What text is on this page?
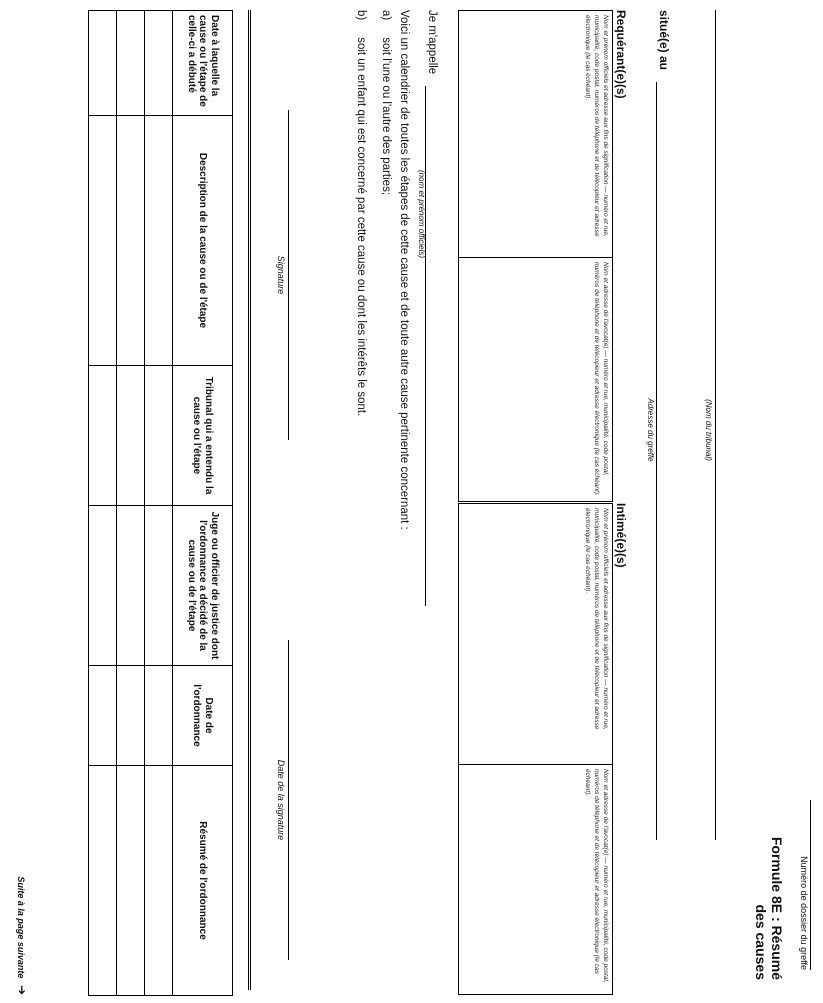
Numéro de dossier du greffe
Formule 8E : Résumé
des causes
(Nom du tribunal)
situé(e) au
Adresse du greffe
Requérant(e)(s)
Intimé(e)(s)
Nom et prénom officiels et adresse aux fins de signification — numéro et rue, municipalité, code postal, numéros de téléphone et de télécopieur et adresse électronique (le cas échéant).
Nom et adresse de l'avocat(e) — numéro et rue, municipalité, code postal, numéros de téléphone et de télécopieur et adresse électronique (le cas échéant).
Nom et prénom officiels et adresse aux fins de signification — numéro et rue, municipalité, code postal, numéros de téléphone et de télécopieur et adresse électronique (le cas échéant).
Nom et adresse de l'avocat(e) — numéro et rue, municipalité, code postal, numéros de téléphone et de télécopieur et adresse électronique (le cas échéant).
Je m'appelle
(nom et prénom officiels)
Voici un calendrier de toutes les étapes de cette cause et de toute autre cause pertinente concernant :
a) soit l'une ou l'autre des parties;
b) soit un enfant qui est concerné par cette cause ou dont les intérêts le sont.
Signature
Date de la signature
Date à laquelle la cause ou l'étape de celle-ci a débuté	Description de la cause ou de l'étape	Tribunal qui a entendu la cause ou l'étape	Juge ou officier de justice dont l'ordonnance a décidé de la cause ou de l'étape	Date de l'ordonnance	Résumé de l'ordonnance

Suite à la page suivante ➔
